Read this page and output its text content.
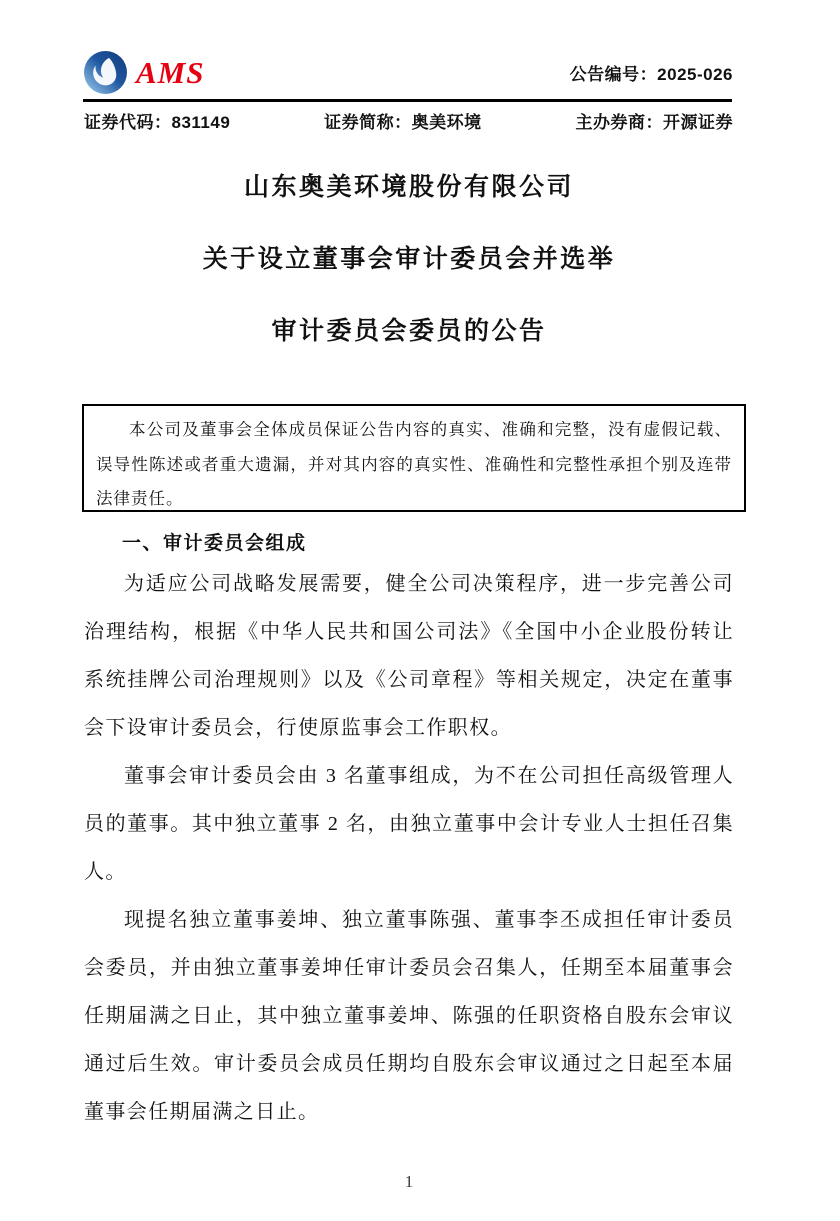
AMS	公告编号：2025-026
证券代码：831149	证券简称：奥美环境	主办券商：开源证券
山东奥美环境股份有限公司
关于设立董事会审计委员会并选举
审计委员会委员的公告

本公司及董事会全体成员保证公告内容的真实、准确和完整，没有虚假记载、误导性陈述或者重大遗漏，并对其内容的真实性、准确性和完整性承担个别及连带法律责任。

一、审计委员会组成

为适应公司战略发展需要，健全公司决策程序，进一步完善公司治理结构，根据《中华人民共和国公司法》《全国中小企业股份转让系统挂牌公司治理规则》以及《公司章程》等相关规定，决定在董事会下设审计委员会，行使原监事会工作职权。

董事会审计委员会由 3 名董事组成，为不在公司担任高级管理人员的董事。其中独立董事 2 名，由独立董事中会计专业人士担任召集人。

现提名独立董事姜坤、独立董事陈强、董事李丕成担任审计委员会委员，并由独立董事姜坤任审计委员会召集人，任期至本届董事会任期届满之日止，其中独立董事姜坤、陈强的任职资格自股东会审议通过后生效。审计委员会成员任期均自股东会审议通过之日起至本届董事会任期届满之日止。

1
